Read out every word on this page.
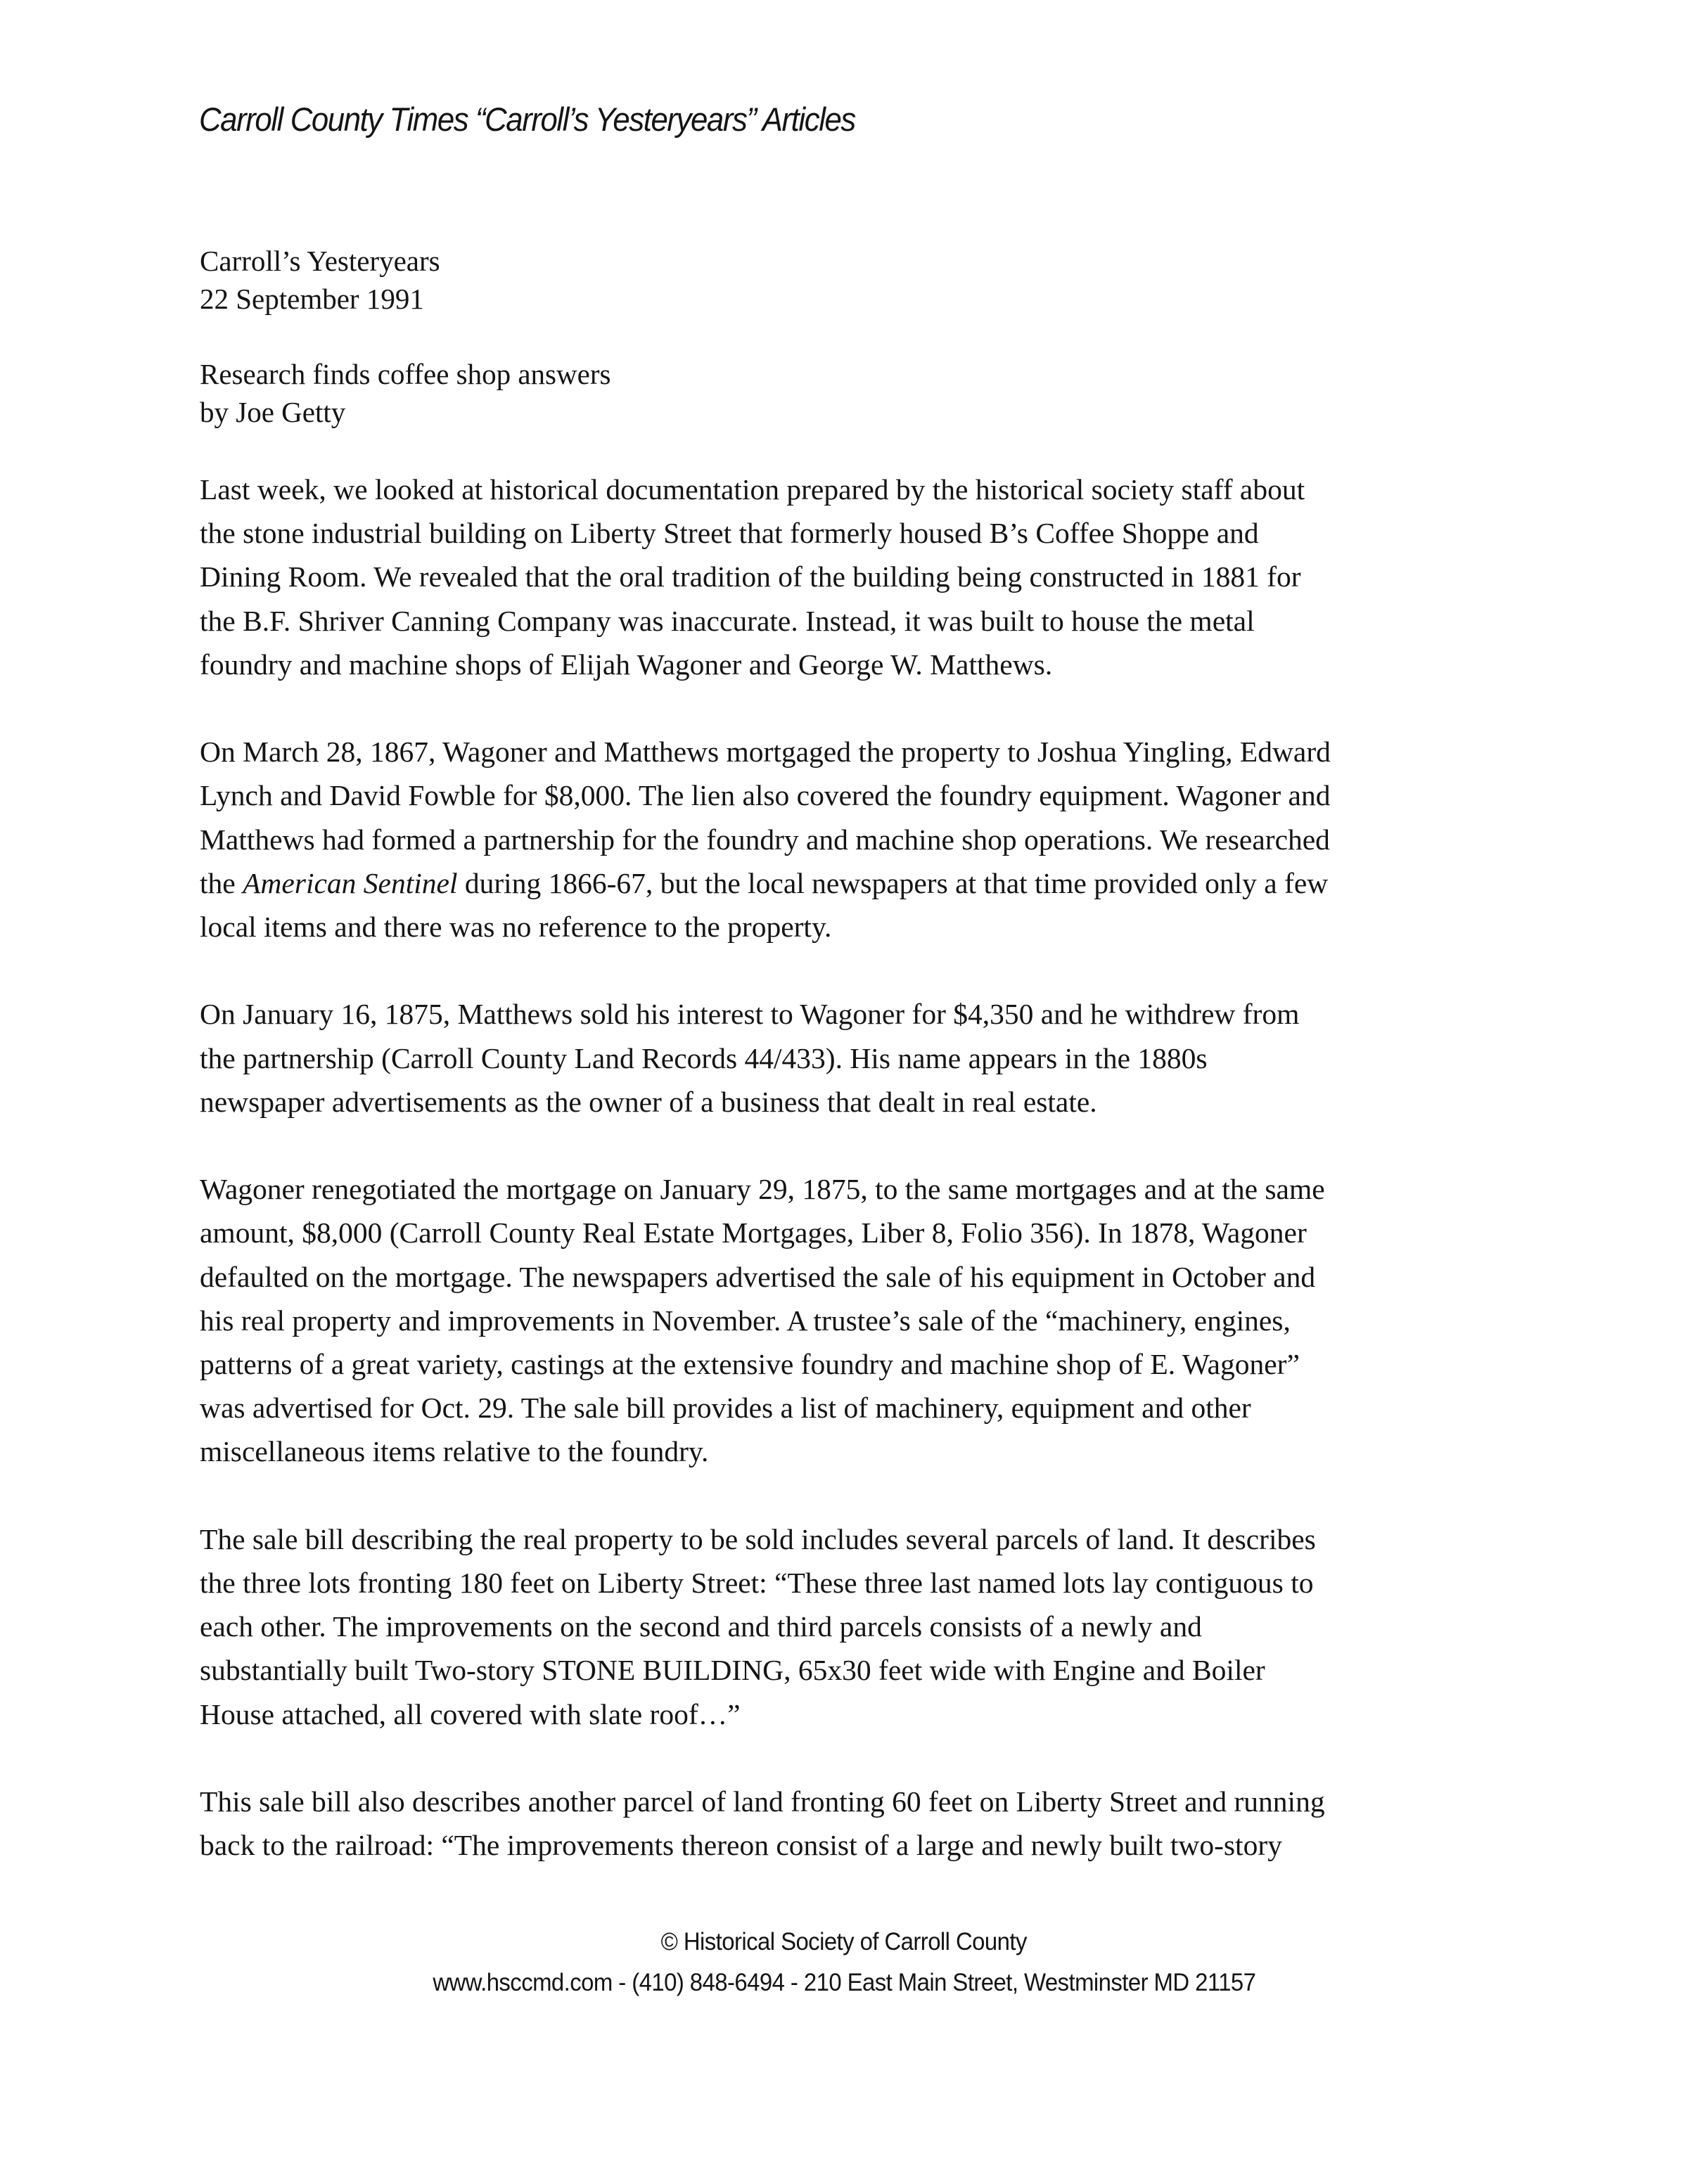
Carroll County Times “Carroll’s Yesteryears” Articles
Carroll’s Yesteryears
22 September 1991
Research finds coffee shop answers
by Joe Getty
Last week, we looked at historical documentation prepared by the historical society staff about
the stone industrial building on Liberty Street that formerly housed B’s Coffee Shoppe and
Dining Room. We revealed that the oral tradition of the building being constructed in 1881 for
the B.F. Shriver Canning Company was inaccurate. Instead, it was built to house the metal
foundry and machine shops of Elijah Wagoner and George W. Matthews.
On March 28, 1867, Wagoner and Matthews mortgaged the property to Joshua Yingling, Edward
Lynch and David Fowble for $8,000. The lien also covered the foundry equipment. Wagoner and
Matthews had formed a partnership for the foundry and machine shop operations. We researched
the American Sentinel during 1866-67, but the local newspapers at that time provided only a few
local items and there was no reference to the property.
On January 16, 1875, Matthews sold his interest to Wagoner for $4,350 and he withdrew from
the partnership (Carroll County Land Records 44/433). His name appears in the 1880s
newspaper advertisements as the owner of a business that dealt in real estate.
Wagoner renegotiated the mortgage on January 29, 1875, to the same mortgages and at the same
amount, $8,000 (Carroll County Real Estate Mortgages, Liber 8, Folio 356). In 1878, Wagoner
defaulted on the mortgage. The newspapers advertised the sale of his equipment in October and
his real property and improvements in November. A trustee’s sale of the “machinery, engines,
patterns of a great variety, castings at the extensive foundry and machine shop of E. Wagoner”
was advertised for Oct. 29. The sale bill provides a list of machinery, equipment and other
miscellaneous items relative to the foundry.
The sale bill describing the real property to be sold includes several parcels of land. It describes
the three lots fronting 180 feet on Liberty Street: “These three last named lots lay contiguous to
each other. The improvements on the second and third parcels consists of a newly and
substantially built Two-story STONE BUILDING, 65x30 feet wide with Engine and Boiler
House attached, all covered with slate roof…”
This sale bill also describes another parcel of land fronting 60 feet on Liberty Street and running
back to the railroad: “The improvements thereon consist of a large and newly built two-story
© Historical Society of Carroll County
www.hsccmd.com - (410) 848-6494 - 210 East Main Street, Westminster MD 21157
